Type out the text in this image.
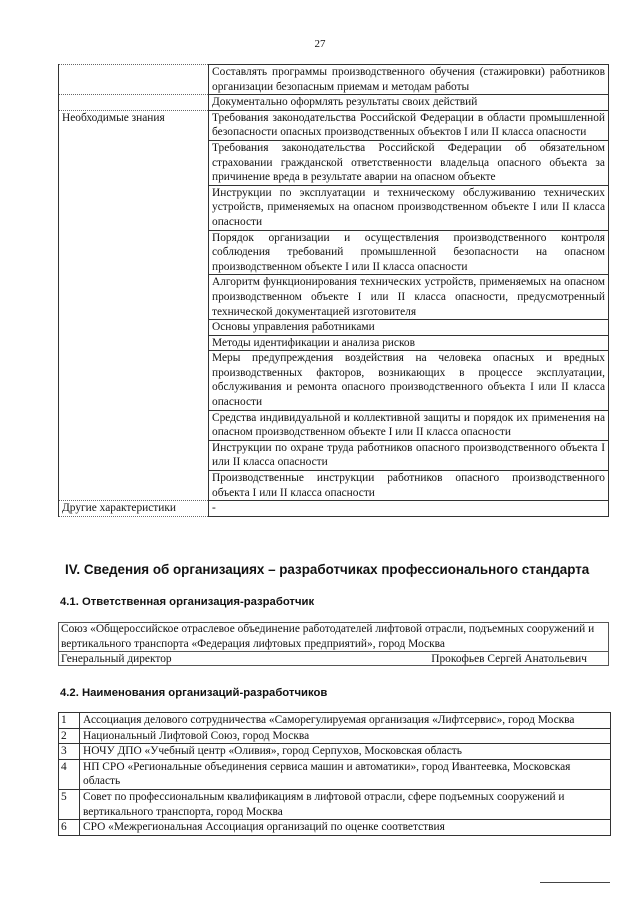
27
	Составлять программы производственного обучения (стажировки) работников организации безопасным приемам и методам работы
	Документально оформлять результаты своих действий
Необходимые знания	Требования законодательства Российской Федерации в области промышленной безопасности опасных производственных объектов I или II класса опасности
	Требования законодательства Российской Федерации об обязательном страховании гражданской ответственности владельца опасного объекта за причинение вреда в результате аварии на опасном объекте
	Инструкции по эксплуатации и техническому обслуживанию технических устройств, применяемых на опасном производственном объекте I или II класса опасности
	Порядок организации и осуществления производственного контроля соблюдения требований промышленной безопасности на опасном производственном объекте I или II класса опасности
	Алгоритм функционирования технических устройств, применяемых на опасном производственном объекте I или II класса опасности, предусмотренный технической документацией изготовителя
	Основы управления работниками
	Методы идентификации и анализа рисков
	Меры предупреждения воздействия на человека опасных и вредных производственных факторов, возникающих в процессе эксплуатации, обслуживания и ремонта опасного производственного объекта I или II класса опасности
	Средства индивидуальной и коллективной защиты и порядок их применения на опасном производственном объекте I или II класса опасности
	Инструкции по охране труда работников опасного производственного объекта I или II класса опасности
	Производственные инструкции работников опасного производственного объекта I или II класса опасности
Другие характеристики	-
IV. Сведения об организациях – разработчиках профессионального стандарта
4.1. Ответственная организация-разработчик
Союз «Общероссийское отраслевое объединение работодателей лифтовой отрасли, подъемных сооружений и вертикального транспорта «Федерация лифтовых предприятий», город Москва
Генеральный директор	Прокофьев Сергей Анатольевич
4.2. Наименования организаций-разработчиков
1	Ассоциация делового сотрудничества «Саморегулируемая организация «Лифтсервис», город Москва
2	Национальный Лифтовой Союз, город Москва
3	НОЧУ ДПО «Учебный центр «Оливия», город Серпухов, Московская область
4	НП СРО «Региональные объединения сервиса машин и автоматики», город Ивантеевка, Московская область
5	Совет по профессиональным квалификациям в лифтовой отрасли, сфере подъемных сооружений и вертикального транспорта, город Москва
6	СРО «Межрегиональная Ассоциация организаций по оценке соответствия
